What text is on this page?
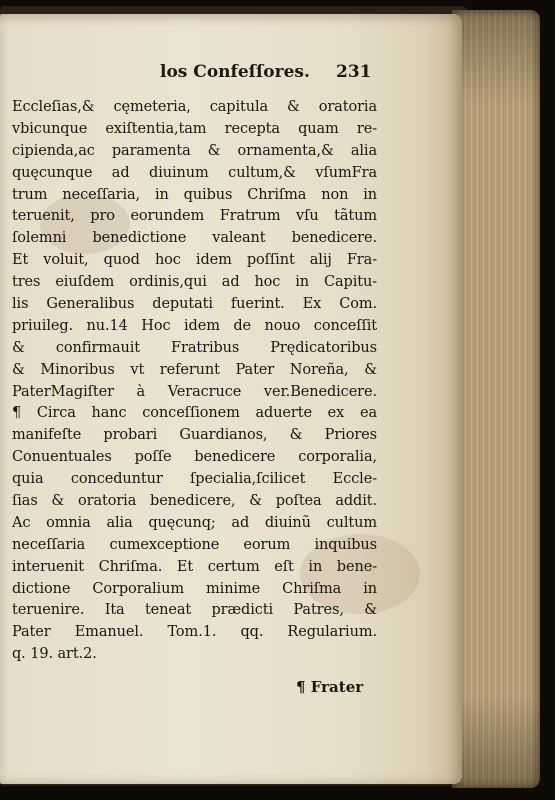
los Confeſſores. 231
Eccleſias,& cęmeteria, capitula & oratoria
vbicunque exiſtentia,tam recepta quam re-
cipienda,ac paramenta & ornamenta,& alia
quęcunque ad diuinum cultum,& vſumFra
trum neceſſaria, in quibus Chriſma non in
teruenit, pro eorundem Fratrum vſu tãtum
ſolemni benedictione valeant benedicere.
Et voluit, quod hoc idem poſſint alij Fra-
tres eiuſdem ordinis,qui ad hoc in Capitu-
lis Generalibus deputati fuerint. Ex Com.
priuileg. nu.14 Hoc idem de nouo conceſſit
& confirmauit Fratribus Prędicatoribus
& Minoribus vt referunt Pater Noreña, &
PaterMagiſter à Veracruce ver.Benedicere.
¶ Circa hanc conceſſionem aduerte ex ea
manifeſte probari Guardianos, & Priores
Conuentuales poſſe benedicere corporalia,
quia conceduntur ſpecialia,ſcilicet Eccle-
ſias & oratoria benedicere, & poſtea addit.
Ac omnia alia quęcunq; ad diuinũ cultum
neceſſaria cumexceptione eorum inquibus
interuenit Chriſma. Et certum eſt in bene-
dictione Corporalium minime Chriſma in
teruenire. Ita teneat prædicti Patres, &
Pater Emanuel. Tom.1. qq. Regularium.
q. 19. art.2.
¶ Frater
